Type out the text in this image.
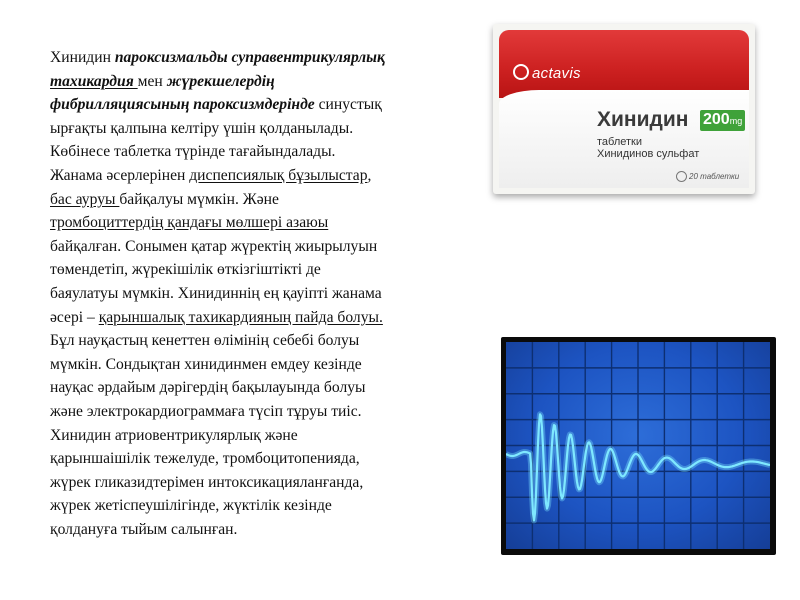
Хинидин пароксизмальды суправентрикулярлық
тахикардия мен жүрекшелердің
фибрилляциясының пароксизмдерінде синустық
ырғақты қалпына келтіру үшін қолданылады.
Көбінесе таблетка түрінде тағайындалады.
Жанама әсерлерінен диспепсиялық бұзылыстар,
бас ауруы байқалуы мүмкін. Және
тромбоциттердің қандағы мөлшері азаюы
байқалған. Сонымен қатар жүректің жиырылуын
төмендетіп, жүрекішілік өткізгіштікті де
баяулатуы мүмкін. Хинидиннің ең қауіпті жанама
әсері – қарыншалық тахикардияның пайда болуы.
Бұл науқастың кенеттен өлімінің себебі болуы
мүмкін. Сондықтан хинидинмен емдеу кезінде
науқас әрдайым дәрігердің бақылауында болуы
және электрокардиограммаға түсіп тұруы тиіс.
Хинидин атриовентрикулярлық және
қарыншаішілік тежелуде, тромбоцитопенияда,
жүрек гликазидтерімен интоксикацияланғанда,
жүрек жетіспеушілігінде, жүктілік кезінде
қолдануға тыйым салынған.
actavis
Хинидин 200mg
таблетки
Хинидинов сульфат
20 таблетки
